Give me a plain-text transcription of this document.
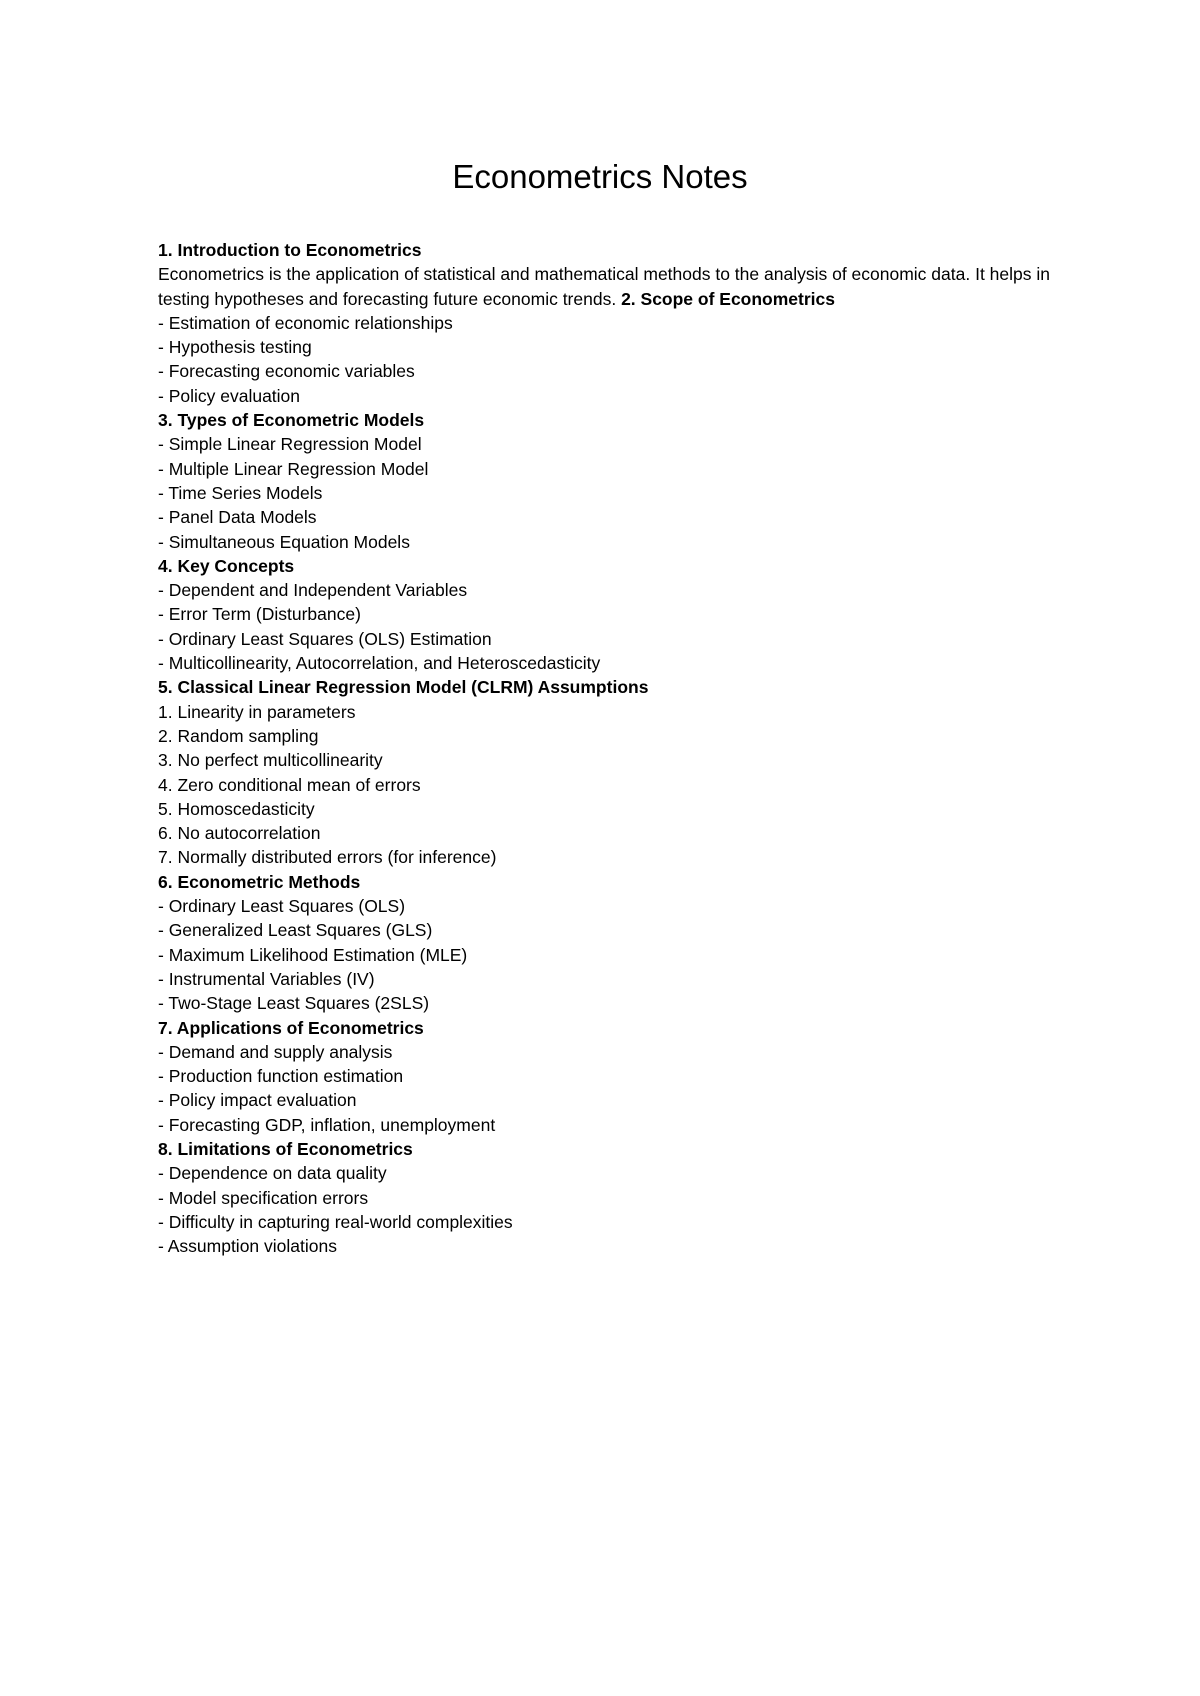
Econometrics Notes

1. Introduction to Econometrics

Econometrics is the application of statistical and mathematical methods to the analysis of economic data. It helps in testing hypotheses and forecasting future economic trends. 2. Scope of Econometrics

- Estimation of economic relationships
- Hypothesis testing
- Forecasting economic variables
- Policy evaluation

3. Types of Econometric Models

- Simple Linear Regression Model
- Multiple Linear Regression Model
- Time Series Models
- Panel Data Models
- Simultaneous Equation Models

4. Key Concepts

- Dependent and Independent Variables
- Error Term (Disturbance)
- Ordinary Least Squares (OLS) Estimation
- Multicollinearity, Autocorrelation, and Heteroscedasticity

5. Classical Linear Regression Model (CLRM) Assumptions

1. Linearity in parameters
2. Random sampling
3. No perfect multicollinearity
4. Zero conditional mean of errors
5. Homoscedasticity
6. No autocorrelation
7. Normally distributed errors (for inference)

6. Econometric Methods

- Ordinary Least Squares (OLS)
- Generalized Least Squares (GLS)
- Maximum Likelihood Estimation (MLE)
- Instrumental Variables (IV)
- Two-Stage Least Squares (2SLS)

7. Applications of Econometrics

- Demand and supply analysis
- Production function estimation
- Policy impact evaluation
- Forecasting GDP, inflation, unemployment

8. Limitations of Econometrics

- Dependence on data quality
- Model specification errors
- Difficulty in capturing real-world complexities
- Assumption violations
